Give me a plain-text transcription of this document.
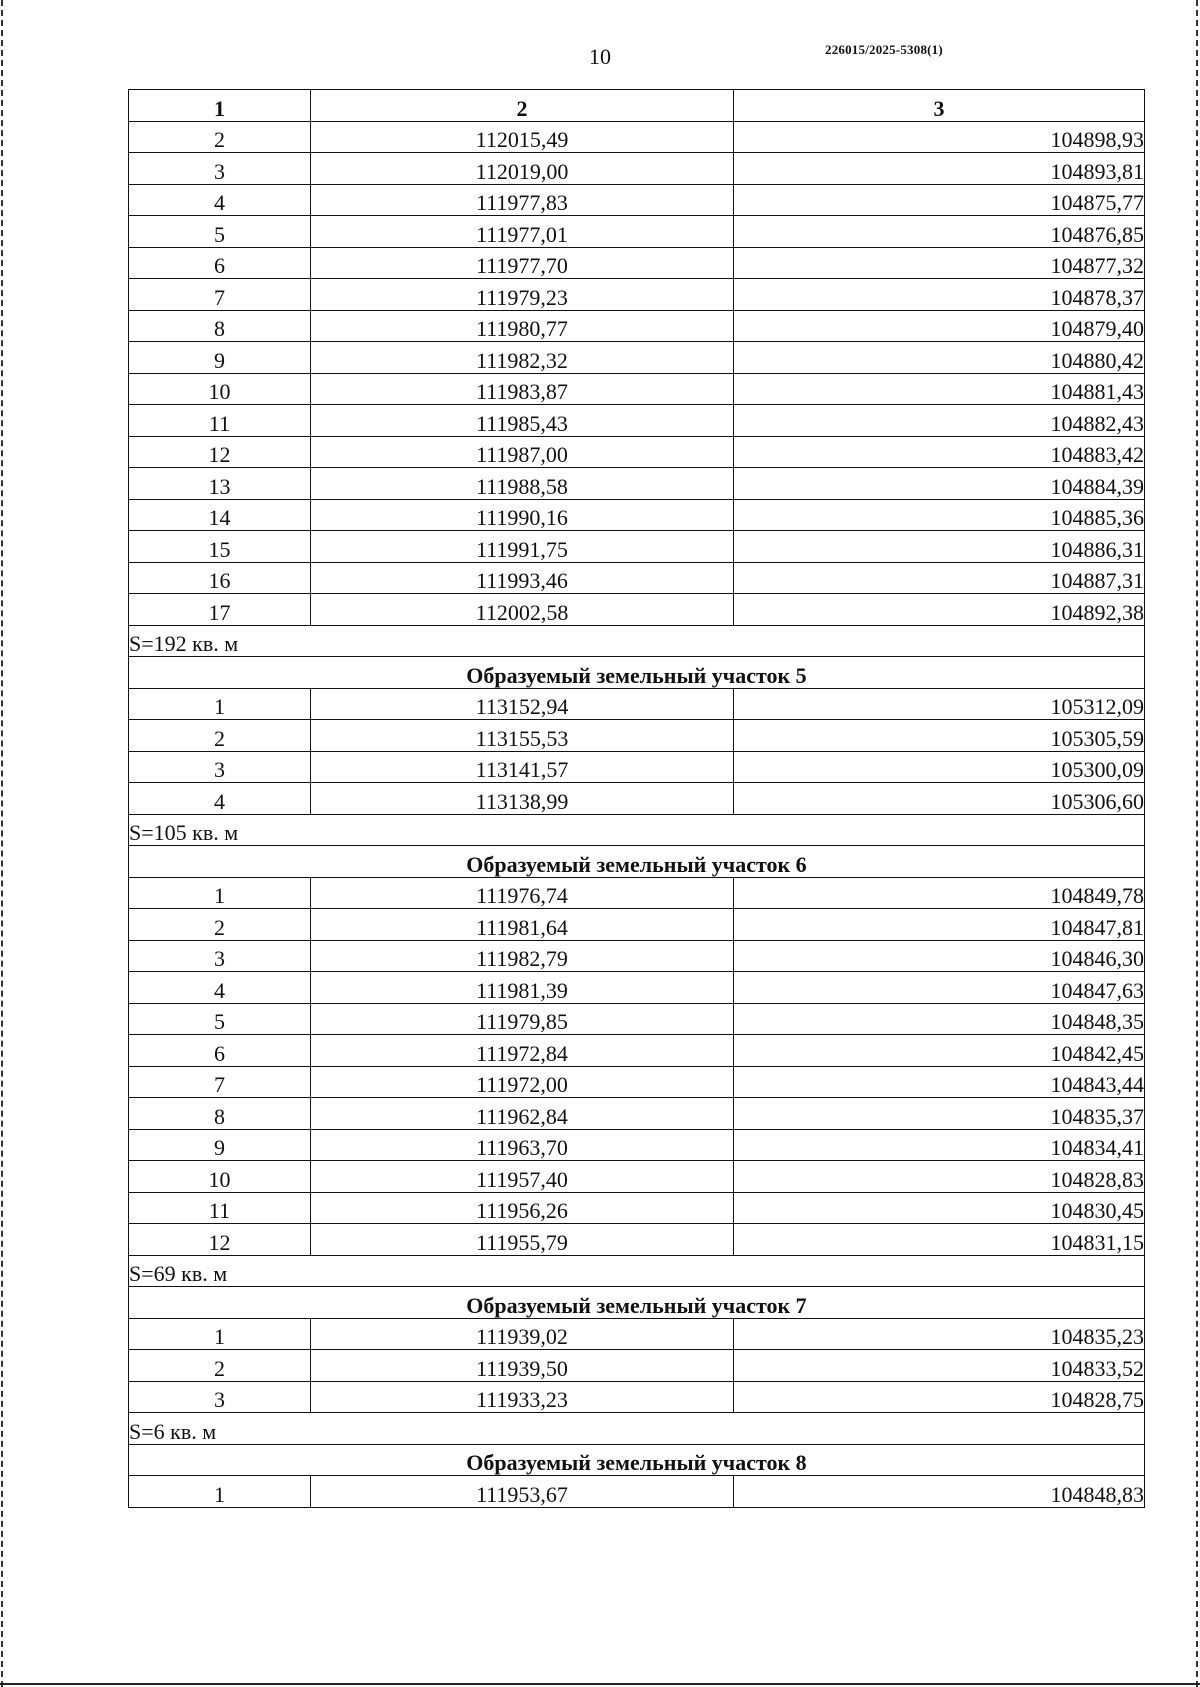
10	226015/2025-5308(1)
1	2	3
2	112015,49	104898,93
3	112019,00	104893,81
4	111977,83	104875,77
5	111977,01	104876,85
6	111977,70	104877,32
7	111979,23	104878,37
8	111980,77	104879,40
9	111982,32	104880,42
10	111983,87	104881,43
11	111985,43	104882,43
12	111987,00	104883,42
13	111988,58	104884,39
14	111990,16	104885,36
15	111991,75	104886,31
16	111993,46	104887,31
17	112002,58	104892,38
S=192 кв. м		
Образуемый земельный участок 5		
1	113152,94	105312,09
2	113155,53	105305,59
3	113141,57	105300,09
4	113138,99	105306,60
S=105 кв. м		
Образуемый земельный участок 6		
1	111976,74	104849,78
2	111981,64	104847,81
3	111982,79	104846,30
4	111981,39	104847,63
5	111979,85	104848,35
6	111972,84	104842,45
7	111972,00	104843,44
8	111962,84	104835,37
9	111963,70	104834,41
10	111957,40	104828,83
11	111956,26	104830,45
12	111955,79	104831,15
S=69 кв. м		
Образуемый земельный участок 7		
1	111939,02	104835,23
2	111939,50	104833,52
3	111933,23	104828,75
S=6 кв. м		
Образуемый земельный участок 8		
1	111953,67	104848,83
